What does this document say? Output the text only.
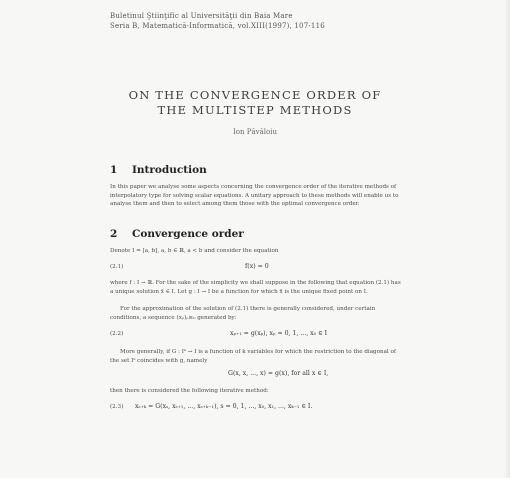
Buletinul Ştiinţific al Universităţii din Baia Mare
Seria B, Matematică-Informatică, vol.XIII(1997), 107-116
ON THE CONVERGENCE ORDER OF
THE MULTISTEP METHODS
Ion Păvăloiu
1 Introduction
In this paper we analyse some aspects concerning the convergence order of the iterative methods of interpolatory type for solving scalar equations. A unitary approach to these methods will enable us to analyse them and then to select among them those with the optimal convergence order.
2 Convergence order
Denote I = [a, b], a, b ∈ ℝ, a < b and consider the equation
(2.1)	f(x) = 0
where f : I → ℝ. For the sake of the simplicity we shall suppose in the following that equation (2.1) has a unique solution x̄ ∈ I. Let g : I → I be a function for which x̄ is the unique fixed point on I.
For the approximation of the solution of (2.1) there is generally considered, under certain conditions, a sequence (xₚ)ₚ≥₀ generated by:
(2.2)	xₚ₊₁ = g(xₚ), xₚ = 0, 1, ..., x₀ ∈ I
More generally, if G : Iᵏ → I is a function of k variables for which the restriction to the diagonal of the set Iᵏ coincides with g, namely
G(x, x, ..., x) = g(x), for all x ∈ I,
then there is considered the following iterative method:
(2.3) xₛ₊ₖ = G(xₛ, xₛ₊₁, ..., xₛ₊ₖ₋₁), s = 0, 1, ..., x₀, x₁, ..., xₖ₋₁ ∈ I.
